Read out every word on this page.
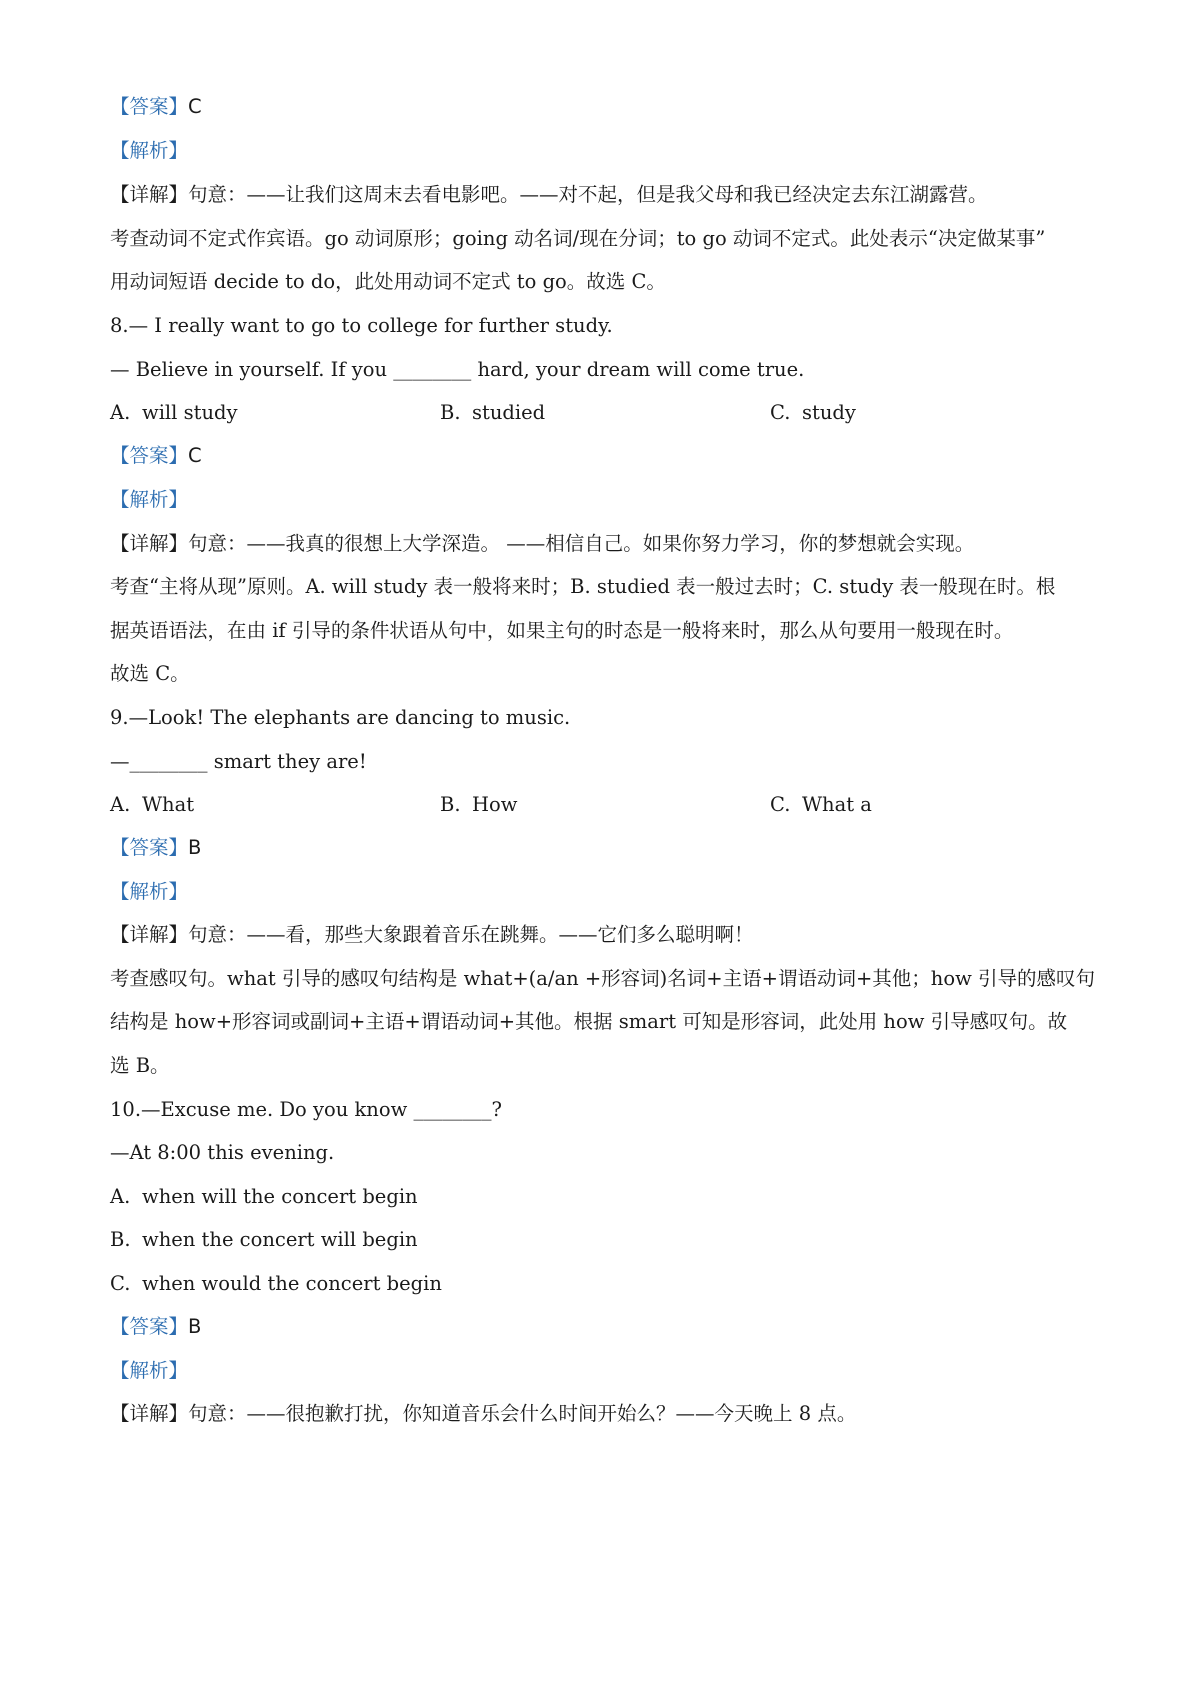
【答案】C
【解析】
【详解】句意：——让我们这周末去看电影吧。——对不起，但是我父母和我已经决定去东江湖露营。
考查动词不定式作宾语。go 动词原形；going 动名词/现在分词；to go 动词不定式。此处表示“决定做某事”
用动词短语 decide to do，此处用动词不定式 to go。故选 C。
8.— I really want to go to college for further study.
— Believe in yourself. If you ________ hard, your dream will come true.
A. will study	B. studied	C. study
【答案】C
【解析】
【详解】句意：——我真的很想上大学深造。 ——相信自己。如果你努力学习，你的梦想就会实现。
考查“主将从现”原则。A. will study 表一般将来时；B. studied 表一般过去时；C. study 表一般现在时。根
据英语语法，在由 if 引导的条件状语从句中，如果主句的时态是一般将来时，那么从句要用一般现在时。
故选 C。
9.—Look! The elephants are dancing to music.
—________ smart they are!
A. What	B. How	C. What a
【答案】B
【解析】
【详解】句意：——看，那些大象跟着音乐在跳舞。——它们多么聪明啊！
考查感叹句。what 引导的感叹句结构是 what+(a/an +形容词)名词+主语+谓语动词+其他；how 引导的感叹句
结构是 how+形容词或副词+主语+谓语动词+其他。根据 smart 可知是形容词，此处用 how 引导感叹句。故
选 B。
10.—Excuse me. Do you know ________?
—At 8:00 this evening.
A. when will the concert begin
B. when the concert will begin
C. when would the concert begin
【答案】B
【解析】
【详解】句意：——很抱歉打扰，你知道音乐会什么时间开始么？——今天晚上 8 点。
